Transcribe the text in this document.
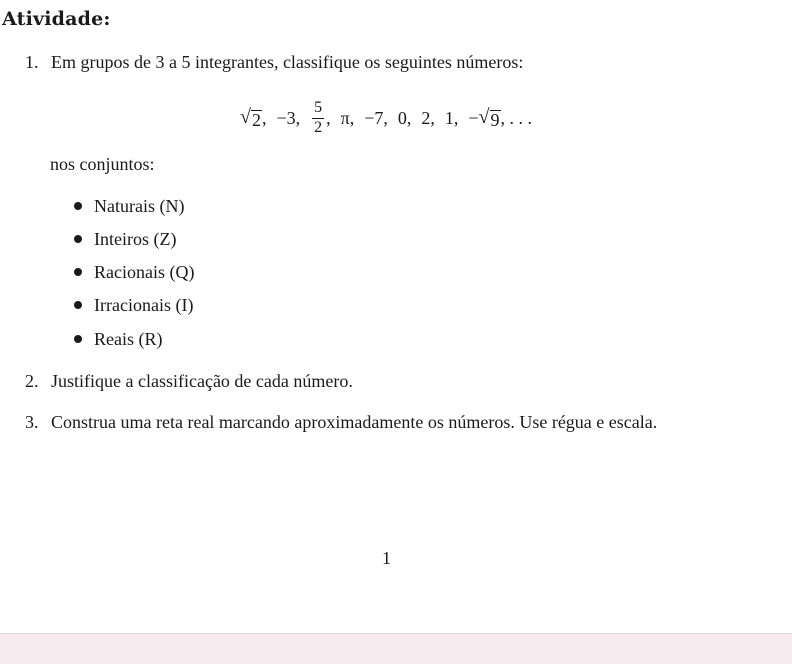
Atividade:
1. Em grupos de 3 a 5 integrantes, classifique os seguintes números:
√ 2 , −3, $\frac{5}{2}$ , π, −7, 0, 2, 1, − √ 9 , . . .
nos conjuntos:
Naturais (N)
Inteiros (Z)
Racionais (Q)
Irracionais (I)
Reais (R)
2. Justifique a classificação de cada número.
3. Construa uma reta real marcando aproximadamente os números. Use régua e escala.
1
